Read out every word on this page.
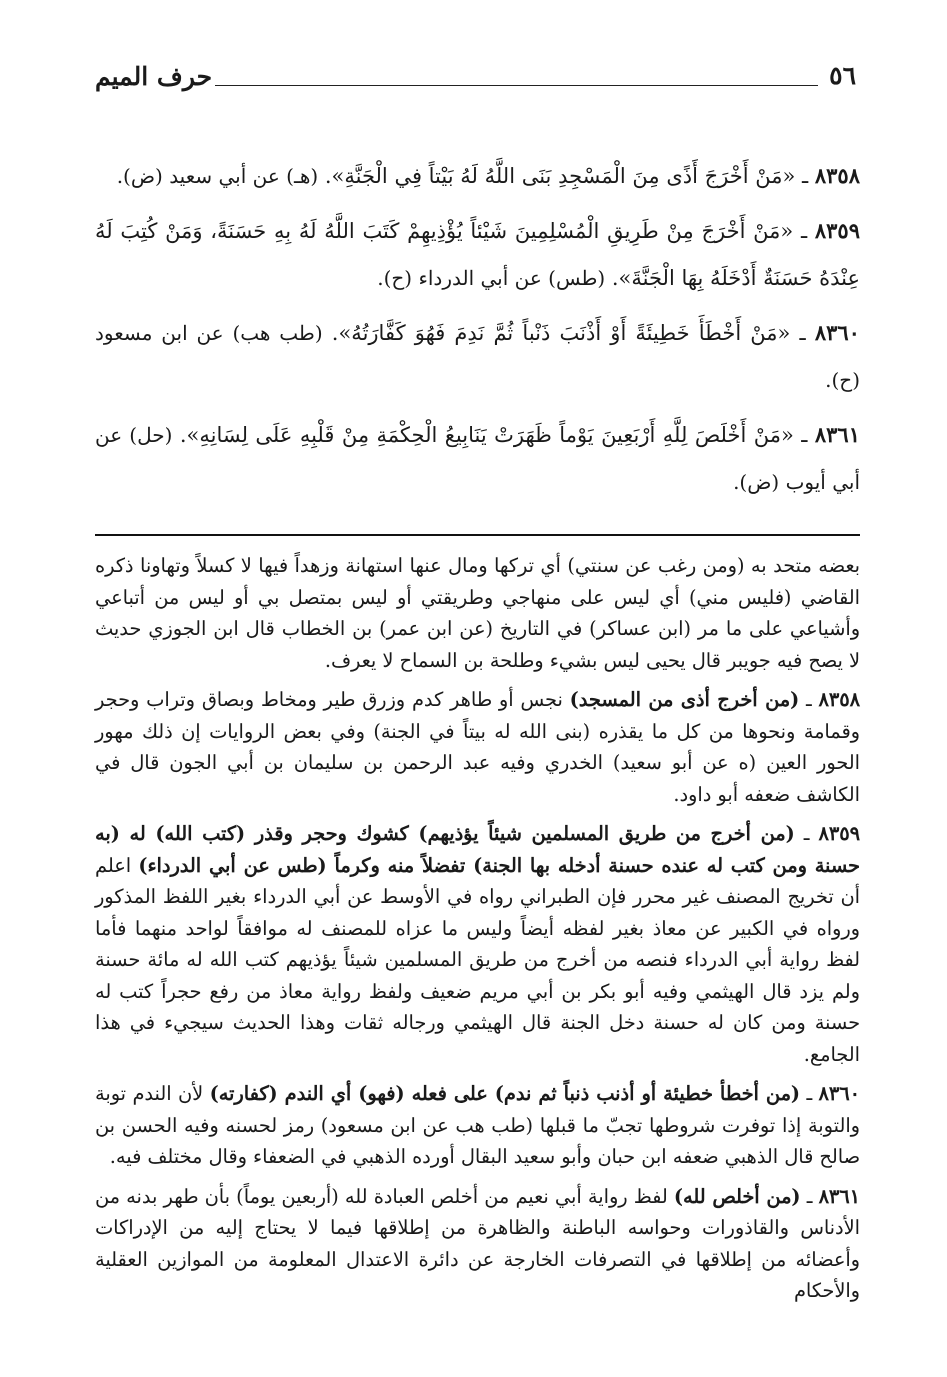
٥٦
حرف الميم

٨٣٥٨ ـ «مَنْ أَخْرَجَ أَذًى مِنَ الْمَسْجِدِ بَنَى اللَّهُ لَهُ بَيْتاً فِي الْجَنَّةِ». (هـ) عن أبي سعيد (ض).

٨٣٥٩ ـ «مَنْ أَخْرَجَ مِنْ طَرِيقِ الْمُسْلِمِينَ شَيْئاً يُؤْذِيهِمْ كَتَبَ اللَّهُ لَهُ بِهِ حَسَنَةً، وَمَنْ كُتِبَ لَهُ عِنْدَهُ حَسَنَةٌ أَدْخَلَهُ بِهَا الْجَنَّةَ». (طس) عن أبي الدرداء (ح).

٨٣٦٠ ـ «مَنْ أَخْطَأَ خَطِيئَةً أَوْ أَذْنَبَ ذَنْباً ثُمَّ نَدِمَ فَهُوَ كَفَّارَتُهُ». (طب هب) عن ابن مسعود (ح).

٨٣٦١ ـ «مَنْ أَخْلَصَ لِلَّهِ أَرْبَعِينَ يَوْماً ظَهَرَتْ يَنَابِيعُ الْحِكْمَةِ مِنْ قَلْبِهِ عَلَى لِسَانِهِ». (حل) عن أبي أيوب (ض).

بعضه متحد به (ومن رغب عن سنتي) أي تركها ومال عنها استهانة وزهداً فيها لا كسلاً وتهاونا ذكره القاضي (فليس مني) أي ليس على منهاجي وطريقتي أو ليس بمتصل بي أو ليس من أتباعي وأشياعي على ما مر (ابن عساكر) في التاريخ (عن ابن عمر) بن الخطاب قال ابن الجوزي حديث لا يصح فيه جويبر قال يحيى ليس بشيء وطلحة بن السماح لا يعرف.

٨٣٥٨ ـ (من أخرج أذى من المسجد) نجس أو طاهر كدم وزرق طير ومخاط وبصاق وتراب وحجر وقمامة ونحوها من كل ما يقذره (بنى الله له بيتاً في الجنة) وفي بعض الروايات إن ذلك مهور الحور العين (ه عن أبو سعيد) الخدري وفيه عبد الرحمن بن سليمان بن أبي الجون قال في الكاشف ضعفه أبو داود.

٨٣٥٩ ـ (من أخرج من طريق المسلمين شيئاً يؤذيهم) كشوك وحجر وقذر (كتب الله) له (به حسنة ومن كتب له عنده حسنة أدخله بها الجنة) تفضلاً منه وكرماً (طس عن أبي الدرداء) اعلم أن تخريج المصنف غير محرر فإن الطبراني رواه في الأوسط عن أبي الدرداء بغير اللفظ المذكور ورواه في الكبير عن معاذ بغير لفظه أيضاً وليس ما عزاه للمصنف له موافقاً لواحد منهما فأما لفظ رواية أبي الدرداء فنصه من أخرج من طريق المسلمين شيئاً يؤذيهم كتب الله له مائة حسنة ولم يزد قال الهيثمي وفيه أبو بكر بن أبي مريم ضعيف ولفظ رواية معاذ من رفع حجراً كتب له حسنة ومن كان له حسنة دخل الجنة قال الهيثمي ورجاله ثقات وهذا الحديث سيجيء في هذا الجامع.

٨٣٦٠ ـ (من أخطأ خطيئة أو أذنب ذنباً ثم ندم) على فعله (فهو) أي الندم (كفارته) لأن الندم توبة والتوبة إذا توفرت شروطها تجبّ ما قبلها (طب هب عن ابن مسعود) رمز لحسنه وفيه الحسن بن صالح قال الذهبي ضعفه ابن حبان وأبو سعيد البقال أورده الذهبي في الضعفاء وقال مختلف فيه.

٨٣٦١ ـ (من أخلص لله) لفظ رواية أبي نعيم من أخلص العبادة لله (أربعين يوماً) بأن طهر بدنه من الأدناس والقاذورات وحواسه الباطنة والظاهرة من إطلاقها فيما لا يحتاج إليه من الإدراكات وأعضائه من إطلاقها في التصرفات الخارجة عن دائرة الاعتدال المعلومة من الموازين العقلية والأحكام
